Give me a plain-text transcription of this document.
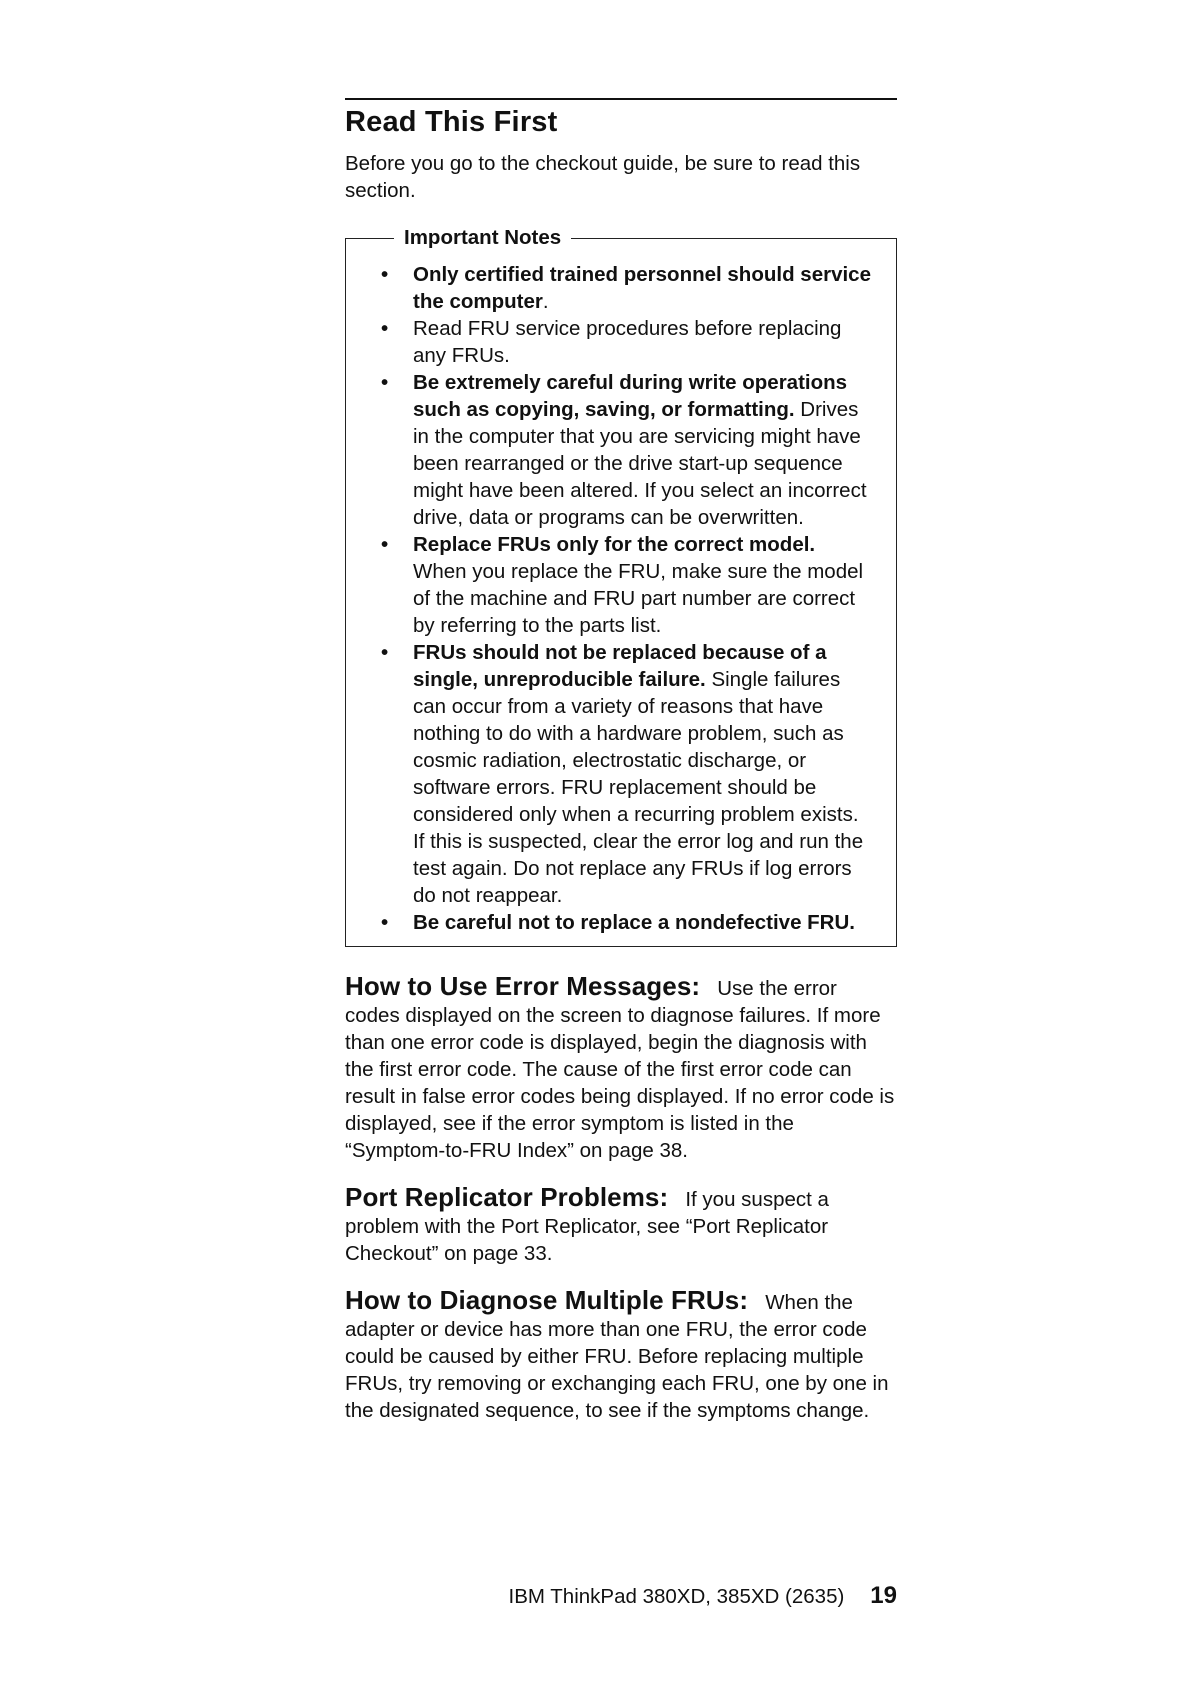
Read This First

Before you go to the checkout guide, be sure to read this section.

Important Notes
• Only certified trained personnel should service the computer.
• Read FRU service procedures before replacing any FRUs.
• Be extremely careful during write operations such as copying, saving, or formatting. Drives in the computer that you are servicing might have been rearranged or the drive start-up sequence might have been altered. If you select an incorrect drive, data or programs can be overwritten.
• Replace FRUs only for the correct model. When you replace the FRU, make sure the model of the machine and FRU part number are correct by referring to the parts list.
• FRUs should not be replaced because of a single, unreproducible failure. Single failures can occur from a variety of reasons that have nothing to do with a hardware problem, such as cosmic radiation, electrostatic discharge, or software errors. FRU replacement should be considered only when a recurring problem exists. If this is suspected, clear the error log and run the test again. Do not replace any FRUs if log errors do not reappear.
• Be careful not to replace a nondefective FRU.

How to Use Error Messages: Use the error codes displayed on the screen to diagnose failures. If more than one error code is displayed, begin the diagnosis with the first error code. The cause of the first error code can result in false error codes being displayed. If no error code is displayed, see if the error symptom is listed in the “Symptom-to-FRU Index” on page 38.

Port Replicator Problems: If you suspect a problem with the Port Replicator, see “Port Replicator Checkout” on page 33.

How to Diagnose Multiple FRUs: When the adapter or device has more than one FRU, the error code could be caused by either FRU. Before replacing multiple FRUs, try removing or exchanging each FRU, one by one in the designated sequence, to see if the symptoms change.

IBM ThinkPad 380XD, 385XD (2635) 19
